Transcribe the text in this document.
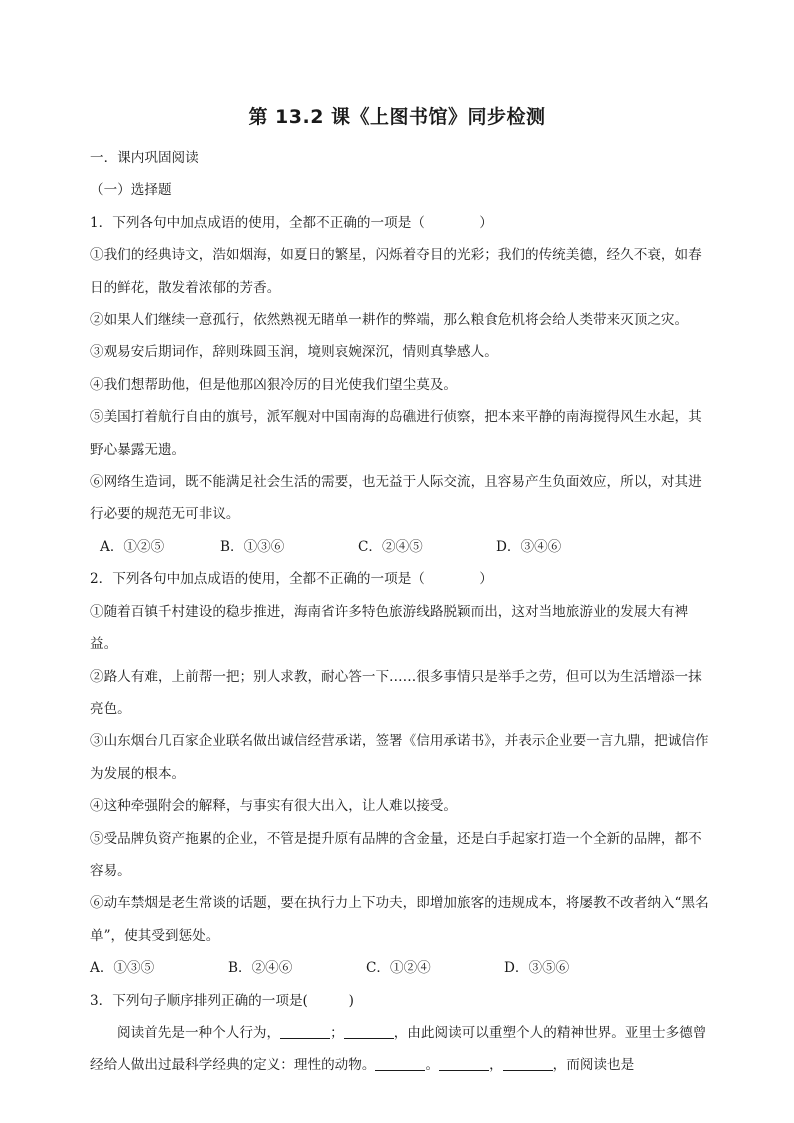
第 13.2 课《上图书馆》同步检测

一．课内巩固阅读

（一）选择题

1．下列各句中加点成语的使用，全都不正确的一项是（　　　　）

①我们的经典诗文，浩如烟海，如夏日的繁星，闪烁着夺目的光彩；我们的传统美德，经久不衰，如春日的鲜花，散发着浓郁的芳香。

②如果人们继续一意孤行，依然熟视无睹单一耕作的弊端，那么粮食危机将会给人类带来灭顶之灾。

③观易安后期词作，辞则珠圆玉润，境则哀婉深沉，情则真挚感人。

④我们想帮助他，但是他那凶狠冷厉的目光使我们望尘莫及。

⑤美国打着航行自由的旗号，派军舰对中国南海的岛礁进行侦察，把本来平静的南海搅得风生水起，其野心暴露无遗。

⑥网络生造词，既不能满足社会生活的需要，也无益于人际交流，且容易产生负面效应，所以，对其进行必要的规范无可非议。

A．①②⑤	B．①③⑥	C．②④⑤	D．③④⑥

2．下列各句中加点成语的使用，全都不正确的一项是（　　　　）

①随着百镇千村建设的稳步推进，海南省许多特色旅游线路脱颖而出，这对当地旅游业的发展大有裨益。

②路人有难，上前帮一把；别人求教，耐心答一下……很多事情只是举手之劳，但可以为生活增添一抹亮色。

③山东烟台几百家企业联名做出诚信经营承诺，签署《信用承诺书》，并表示企业要一言九鼎，把诚信作为发展的根本。

④这种牵强附会的解释，与事实有很大出入，让人难以接受。

⑤受品牌负资产拖累的企业，不管是提升原有品牌的含金量，还是白手起家打造一个全新的品牌，都不容易。

⑥动车禁烟是老生常谈的话题，要在执行力上下功夫，即增加旅客的违规成本，将屡教不改者纳入“黑名单”，使其受到惩处。

A．①③⑤	B．②④⑥	C．①②④	D．③⑤⑥

3．下列句子顺序排列正确的一项是(　　　)

阅读首先是一种个人行为，	；	，由此阅读可以重塑个人的精神世界。亚里士多德曾经给人做出过最科学经典的定义：理性的动物。	。	，	，而阅读也是
